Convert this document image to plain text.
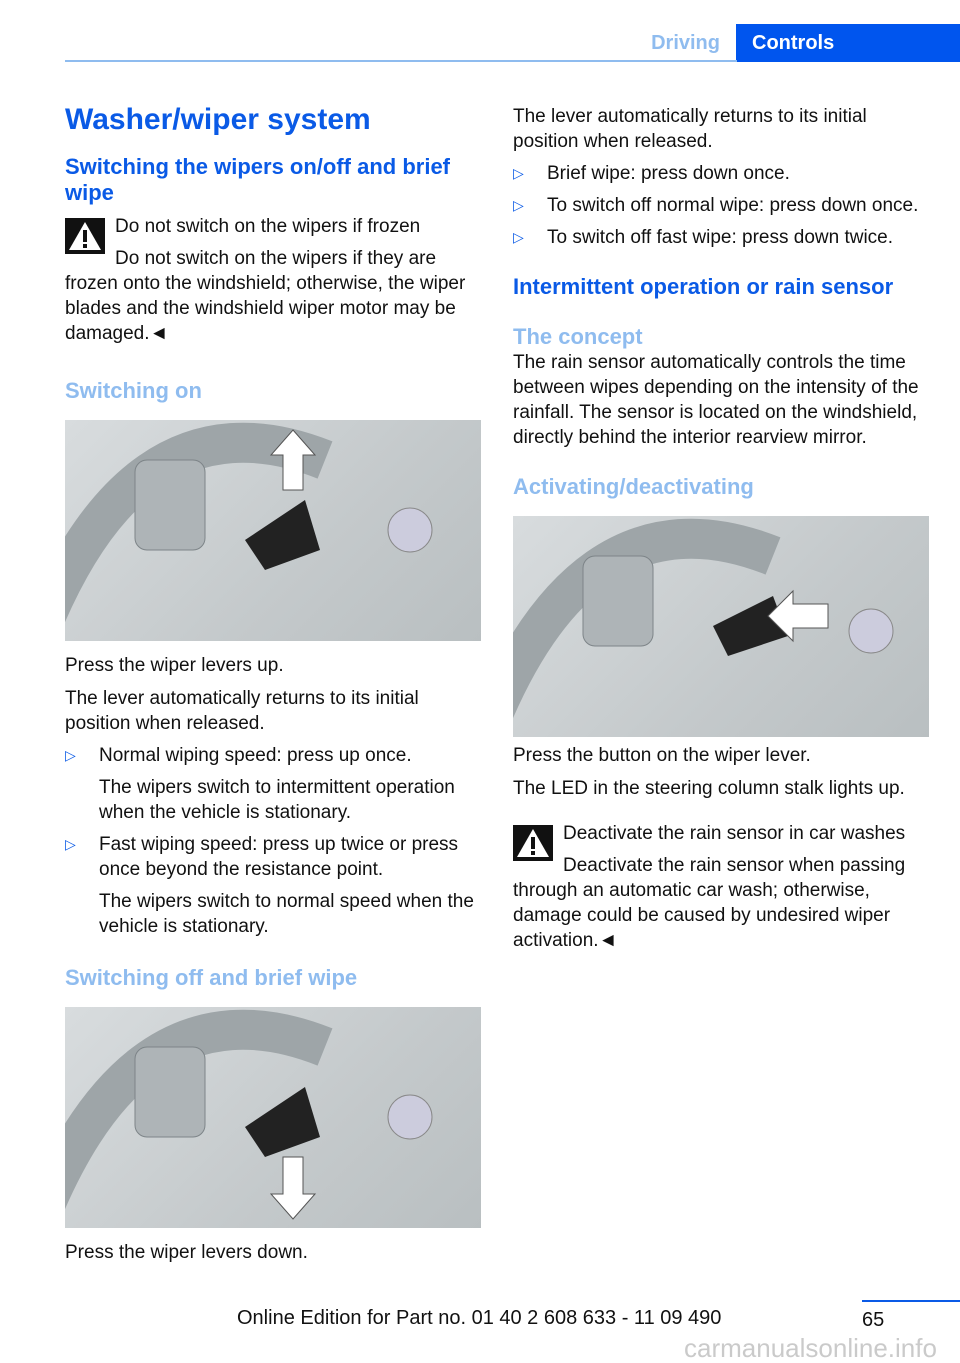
Driving	Controls
Washer/wiper system
Switching the wipers on/off and brief wipe
Do not switch on the wipers if frozen
Do not switch on the wipers if they are frozen onto the windshield; otherwise, the wiper blades and the windshield wiper motor may be damaged.◄
Switching on

Press the wiper levers up.

The lever automatically returns to its initial position when released.

▷ Normal wiping speed: press up once.

The wipers switch to intermittent operation when the vehicle is stationary.

▷ Fast wiping speed: press up twice or press once beyond the resistance point.

The wipers switch to normal speed when the vehicle is stationary.

Switching off and brief wipe

Press the wiper levers down.

The lever automatically returns to its initial position when released.

▷ Brief wipe: press down once.
▷ To switch off normal wipe: press down once.
▷ To switch off fast wipe: press down twice.
Intermittent operation or rain sensor
The concept

The rain sensor automatically controls the time between wipes depending on the intensity of the rainfall. The sensor is located on the windshield, directly behind the interior rearview mirror.

Activating/deactivating

Press the button on the wiper lever.

The LED in the steering column stalk lights up.

Deactivate the rain sensor in car washes
Deactivate the rain sensor when passing through an automatic car wash; otherwise, damage could be caused by undesired wiper activation.◄
65
Online Edition for Part no. 01 40 2 608 633 - 11 09 490
carmanualsonline.info
